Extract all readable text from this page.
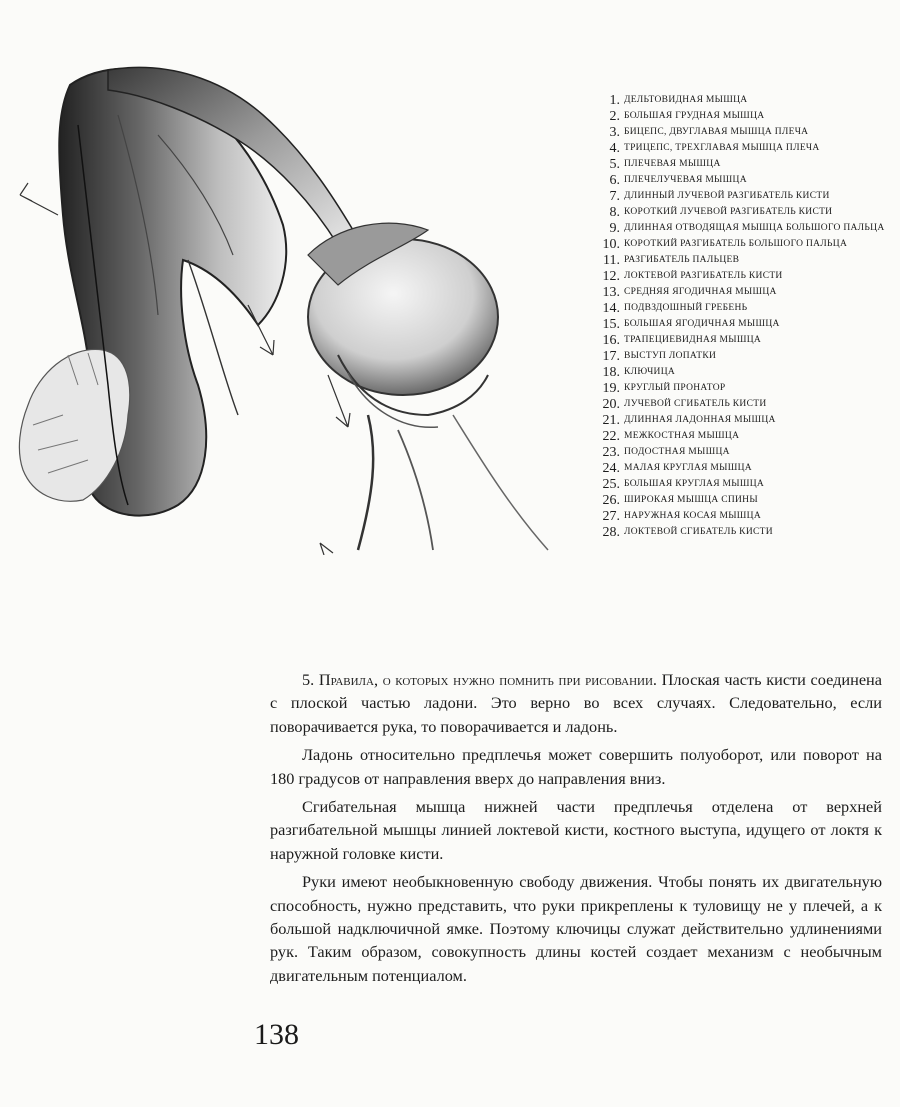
1. ДЕЛЬТОВИДНАЯ МЫШЦА
2. БОЛЬШАЯ ГРУДНАЯ МЫШЦА
3. БИЦЕПС, ДВУГЛАВАЯ МЫШЦА ПЛЕЧА
4. ТРИЦЕПС, ТРЕХГЛАВАЯ МЫШЦА ПЛЕЧА
5. ПЛЕЧЕВАЯ МЫШЦА
6. ПЛЕЧЕЛУЧЕВАЯ МЫШЦА
7. ДЛИННЫЙ ЛУЧЕВОЙ РАЗГИБАТЕЛЬ КИСТИ
8. КОРОТКИЙ ЛУЧЕВОЙ РАЗГИБАТЕЛЬ КИСТИ
9. ДЛИННАЯ ОТВОДЯЩАЯ МЫШЦА БОЛЬШОГО ПАЛЬЦА
10. КОРОТКИЙ РАЗГИБАТЕЛЬ БОЛЬШОГО ПАЛЬЦА
11. РАЗГИБАТЕЛЬ ПАЛЬЦЕВ
12. ЛОКТЕВОЙ РАЗГИБАТЕЛЬ КИСТИ
13. СРЕДНЯЯ ЯГОДИЧНАЯ МЫШЦА
14. ПОДВЗДОШНЫЙ ГРЕБЕНЬ
15. БОЛЬШАЯ ЯГОДИЧНАЯ МЫШЦА
16. ТРАПЕЦИЕВИДНАЯ МЫШЦА
17. ВЫСТУП ЛОПАТКИ
18. КЛЮЧИЦА
19. КРУГЛЫЙ ПРОНАТОР
20. ЛУЧЕВОЙ СГИБАТЕЛЬ КИСТИ
21. ДЛИННАЯ ЛАДОННАЯ МЫШЦА
22. МЕЖКОСТНАЯ МЫШЦА
23. ПОДОСТНАЯ МЫШЦА
24. МАЛАЯ КРУГЛАЯ МЫШЦА
25. БОЛЬШАЯ КРУГЛАЯ МЫШЦА
26. ШИРОКАЯ МЫШЦА СПИНЫ
27. НАРУЖНАЯ КОСАЯ МЫШЦА
28. ЛОКТЕВОЙ СГИБАТЕЛЬ КИСТИ

5. Правила, о которых нужно помнить при рисовании. Плоская часть кисти соединена с плоской частью ладони. Это верно во всех случаях. Следовательно, если поворачивается рука, то поворачивается и ладонь.

Ладонь относительно предплечья может совершить полуоборот, или поворот на 180 градусов от направления вверх до направления вниз.

Сгибательная мышца нижней части предплечья отделена от верхней разгибательной мышцы линией локтевой кисти, костного выступа, идущего от локтя к наружной головке кисти.

Руки имеют необыкновенную свободу движения. Чтобы понять их двигательную способность, нужно представить, что руки прикреплены к туловищу не у плечей, а к большой надключичной ямке. Поэтому ключицы служат действительно удлинениями рук. Таким образом, совокупность длины костей создает механизм с необычным двигательным потенциалом.

138
